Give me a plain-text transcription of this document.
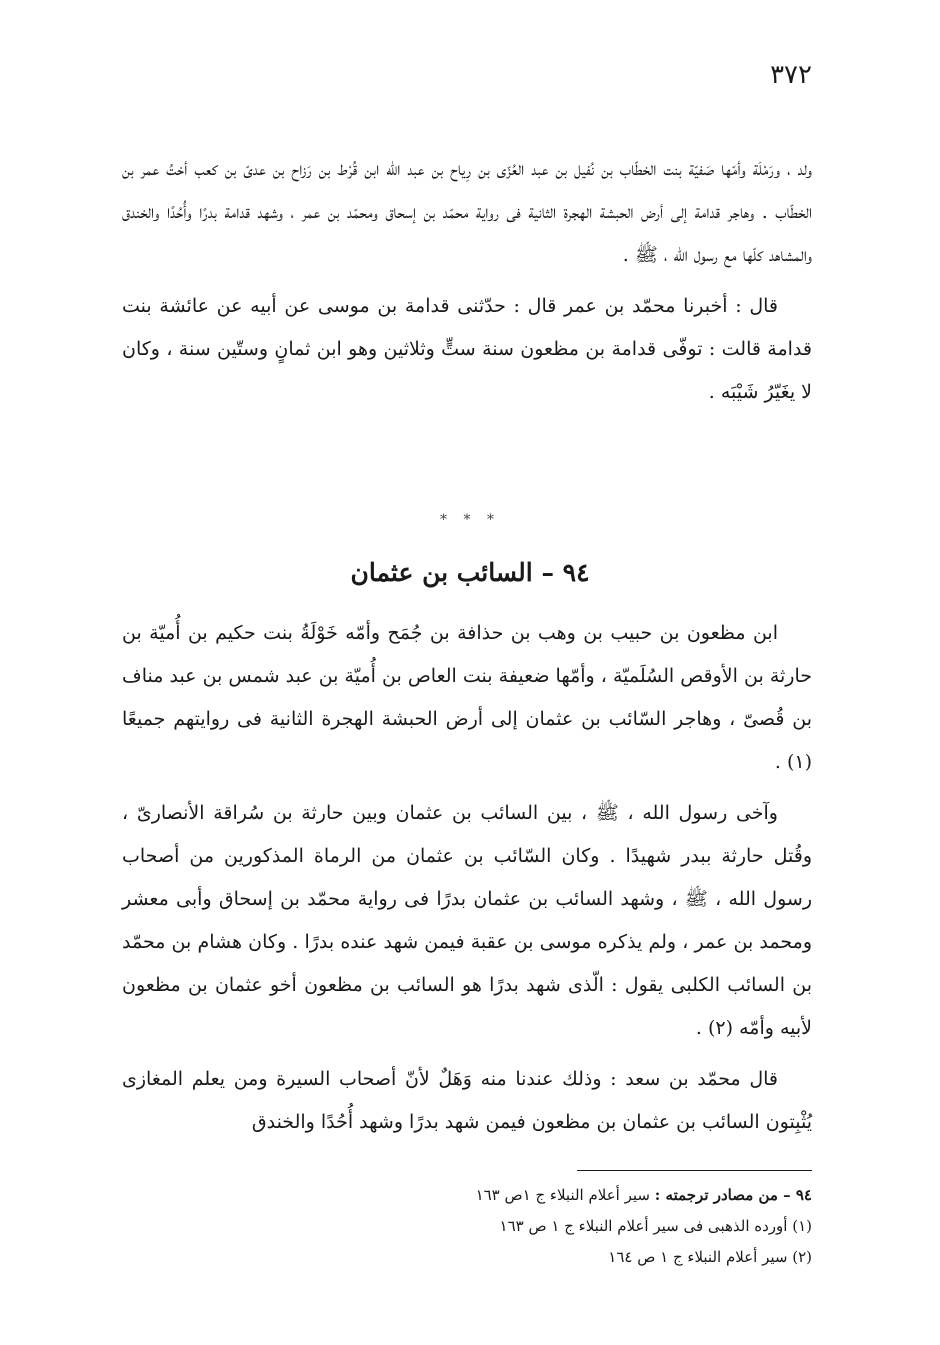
٣٧٢

ولد ، ورَمْلَة وأمّها صَفيّة بنت الخطّاب بن نُفيل بن عبد العُزّى بن رِياح بن عبد الله ابن قُرْط بن رَزاح بن عدىّ بن كعب أختُ عمر بن الخطّاب . وهاجر قدامة إلى أرض الحبشة الهجرة الثانية فى رواية محمّد بن إسحاق ومحمّد بن عمر ، وشهد قدامة بدرًا وأُحُدًا والخندق والمشاهد كلّها مع رسول الله ، ﷺ .

قال : أخبرنا محمّد بن عمر قال : حدّثنى قدامة بن موسى عن أبيه عن عائشة بنت قدامة قالت : توفّى قدامة بن مظعون سنة ستٍّ وثلاثين وهو ابن ثمانٍ وستّين سنة ، وكان لا يغَيّرُ شَيْبَه .

* * *
٩٤ – السائب بن عثمان

ابن مظعون بن حبيب بن وهب بن حذافة بن جُمَح وأمّه خَوْلَةُ بنت حكيم بن أُميّة بن حارثة بن الأوقص السُلَميّة ، وأمّها ضعيفة بنت العاص بن أُميّة بن عبد شمس بن عبد مناف بن قُصىّ ، وهاجر السّائب بن عثمان إلى أرض الحبشة الهجرة الثانية فى روايتهم جميعًا (١) .

وآخى رسول الله ، ﷺ ، بين السائب بن عثمان وبين حارثة بن سُراقة الأنصارىّ ، وقُتل حارثة ببدر شهيدًا . وكان السّائب بن عثمان من الرماة المذكورين من أصحاب رسول الله ، ﷺ ، وشهد السائب بن عثمان بدرًا فى رواية محمّد بن إسحاق وأبى معشر ومحمد بن عمر ، ولم يذكره موسى بن عقبة فيمن شهد عنده بدرًا . وكان هشام بن محمّد بن السائب الكلبى يقول : الّذى شهد بدرًا هو السائب بن مظعون أخو عثمان بن مظعون لأبيه وأمّه (٢) .

قال محمّد بن سعد : وذلك عندنا منه وَهَلٌ لأنّ أصحاب السيرة ومن يعلم المغازى يُثْبِتون السائب بن عثمان بن مظعون فيمن شهد بدرًا وشهد أُحُدًا والخندق

٩٤ – من مصادر ترجمته : سير أعلام النبلاء ج ١ص ١٦٣
(١) أورده الذهبى فى سير أعلام النبلاء ج ١ ص ١٦٣
(٢) سير أعلام النبلاء ج ١ ص ١٦٤
